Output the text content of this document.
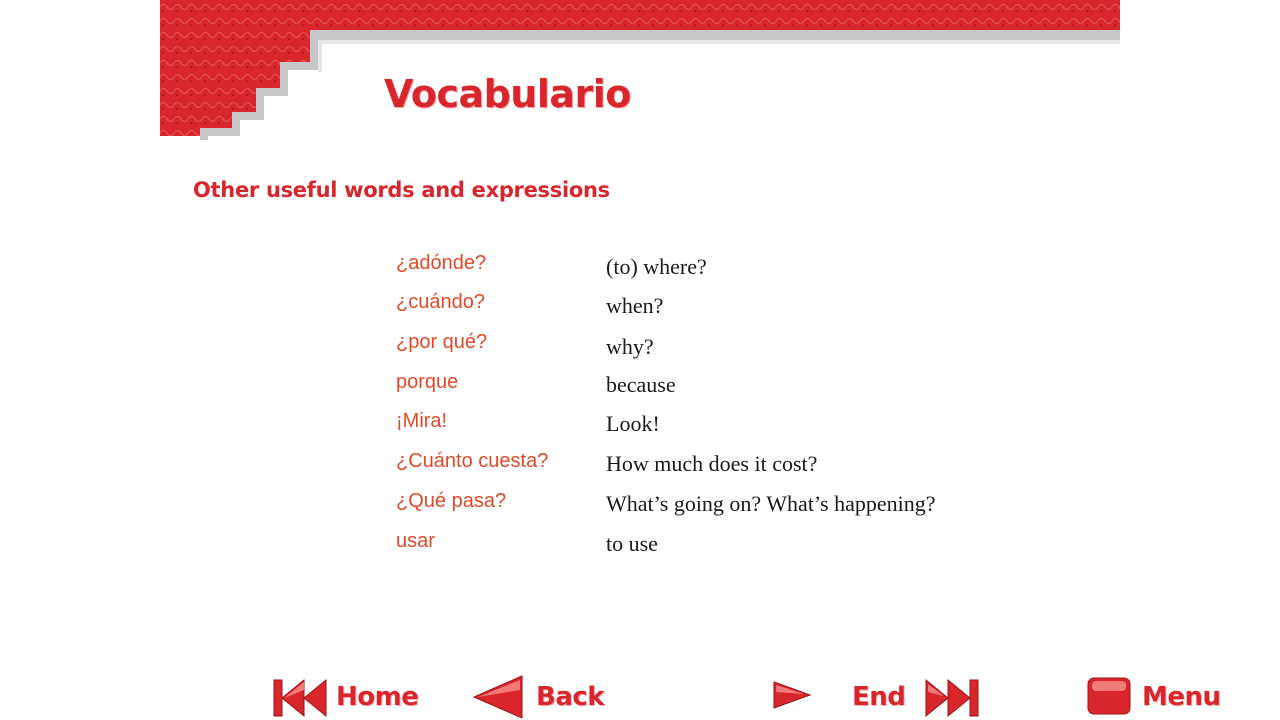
Vocabulario
Other useful words and expressions
¿adónde?	(to) where?
¿cuándo?	when?
¿por qué?	why?
porque	because
¡Mira!	Look!
¿Cuánto cuesta?	How much does it cost?
¿Qué pasa?	What’s going on? What’s happening?
usar	to use
Home	Back	End	Menu
